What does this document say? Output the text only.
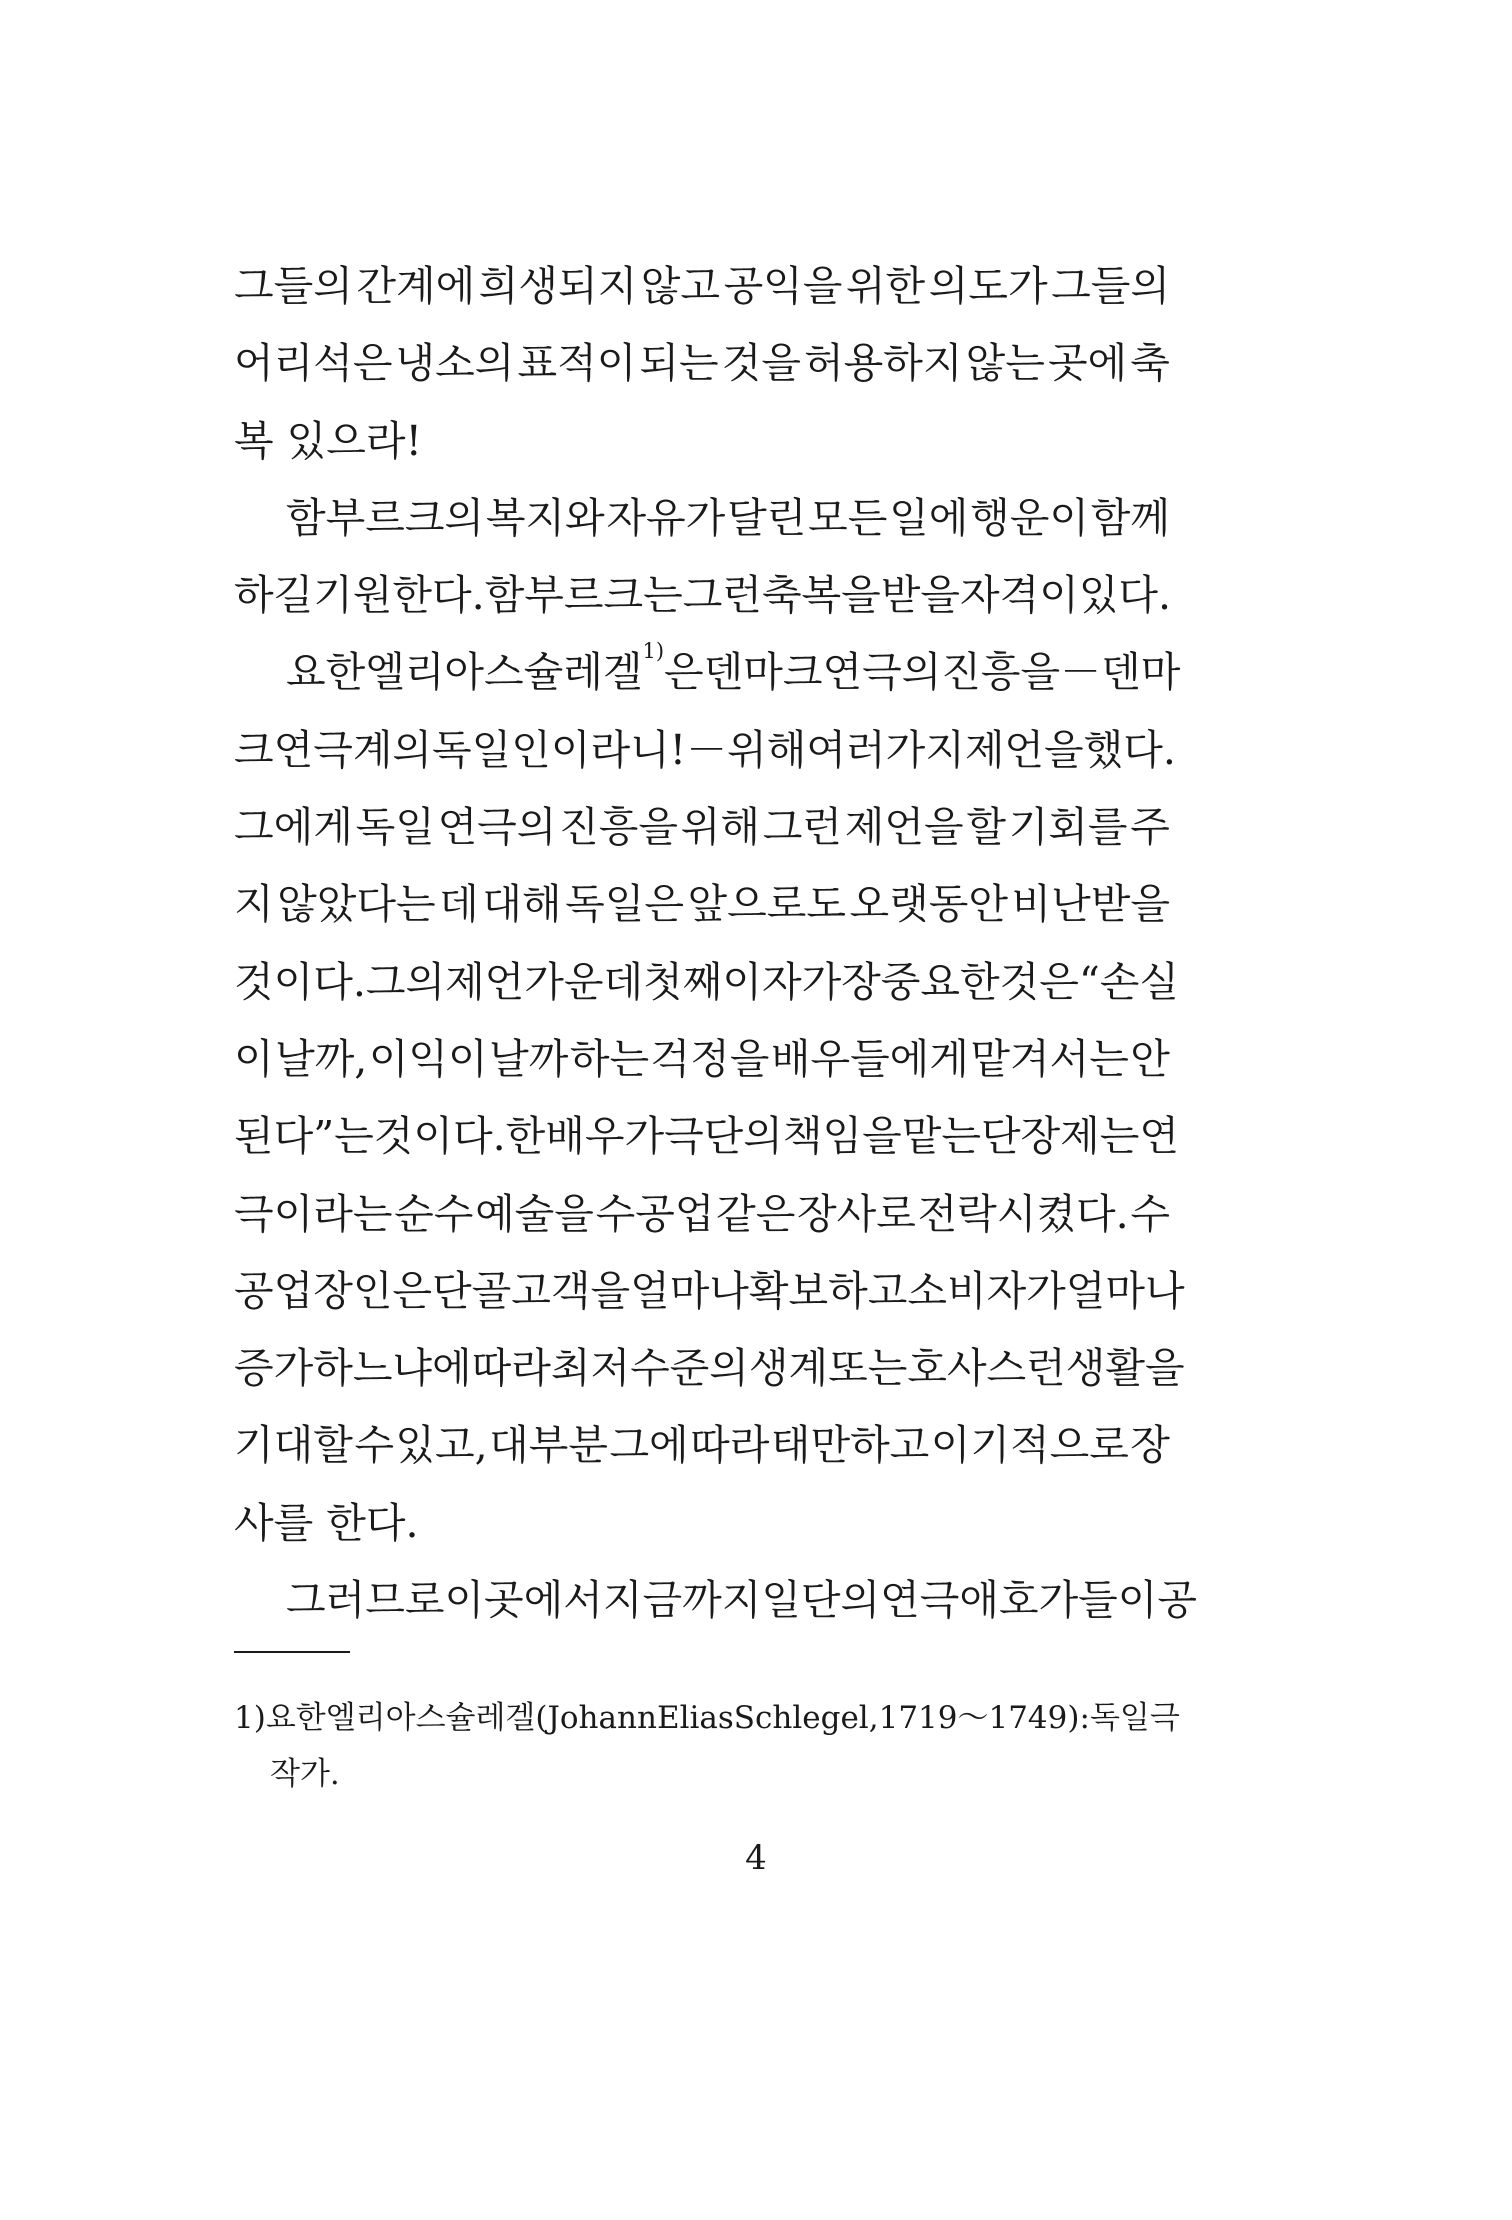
그들의 간계에 희생되지 않고 공익을 위한 의도가 그들의
어리석은 냉소의 표적이 되는 것을 허용하지 않는 곳에 축
복
있으라!
함부르크의 복지와 자유가 달린 모든 일에 행운이 함께
하길 기원한다. 함부르크는 그런 축복을 받을 자격이 있다.
요한 엘리아스 슐레겔$^{1)}$은 덴마크 연극의 진흥을－덴마
크 연극계의 독일인이라니!－위해 여러 가지 제언을 했다.
그에게 독일 연극의 진흥을 위해 그런 제언을 할 기회를 주
지 않았다는 데 대해 독일은 앞으로도 오랫동안 비난받을
것이다. 그의 제언 가운데 첫째이자 가장 중요한 것은 “손실
이 날까, 이익이 날까 하는 걱정을 배우들에게 맡겨서는 안
된다”는 것이다. 한 배우가 극단의 책임을 맡는 단장제는 연
극이라는 순수 예술을 수공업 같은 장사로 전락시켰다. 수
공업 장인은 단골 고객을 얼마나 확보하고 소비자가 얼마나
증가하느냐에 따라 최저 수준의 생계 또는 호사스런 생활을
기대할 수 있고, 대부분 그에 따라 태만하고 이기적으로 장
사를
한다.
그러므로 이곳에서 지금까지 일단의 연극 애호가들이 공
1) 요한 엘리아스 슐레겔(Johann Elias Schlegel, 1719～1749) : 독일 극
작가.
4
